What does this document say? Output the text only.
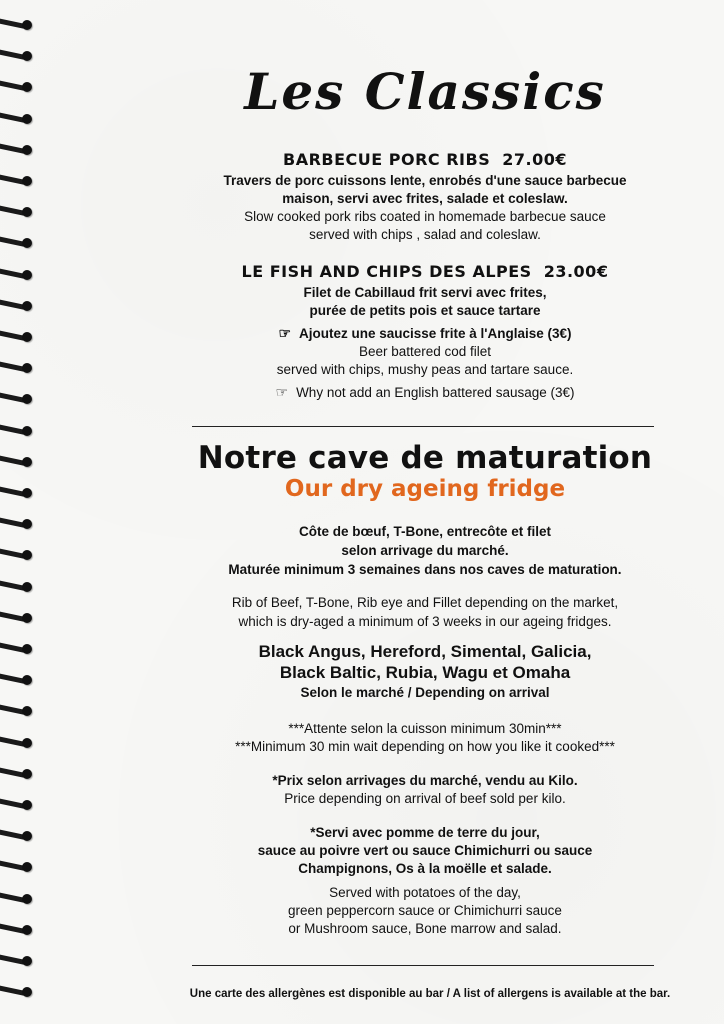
Les Classics

BARBECUE PORC RIBS 27.00€

Travers de porc cuissons lente, enrobés d'une sauce barbecue
maison, servi avec frites, salade et coleslaw.
Slow cooked pork ribs coated in homemade barbecue sauce
served with chips , salad and coleslaw.

LE FISH AND CHIPS DES ALPES 23.00€

Filet de Cabillaud frit servi avec frites,
purée de petits pois et sauce tartare
☞ Ajoutez une saucisse frite à l'Anglaise (3€)
Beer battered cod filet
served with chips, mushy peas and tartare sauce.
☞ Why not add an English battered sausage (3€)
Notre cave de maturation
Our dry ageing fridge
Côte de bœuf, T-Bone, entrecôte et filet
selon arrivage du marché.
Maturée minimum 3 semaines dans nos caves de maturation.
Rib of Beef, T-Bone, Rib eye and Fillet depending on the market,
which is dry-aged a minimum of 3 weeks in our ageing fridges.
Black Angus, Hereford, Simental, Galicia,
Black Baltic, Rubia, Wagu et Omaha
Selon le marché / Depending on arrival
***Attente selon la cuisson minimum 30min***
***Minimum 30 min wait depending on how you like it cooked***
*Prix selon arrivages du marché, vendu au Kilo.
Price depending on arrival of beef sold per kilo.
*Servi avec pomme de terre du jour,
sauce au poivre vert ou sauce Chimichurri ou sauce
Champignons, Os à la moëlle et salade.
Served with potatoes of the day,
green peppercorn sauce or Chimichurri sauce
or Mushroom sauce, Bone marrow and salad.
Une carte des allergènes est disponible au bar / A list of allergens is available at the bar.
